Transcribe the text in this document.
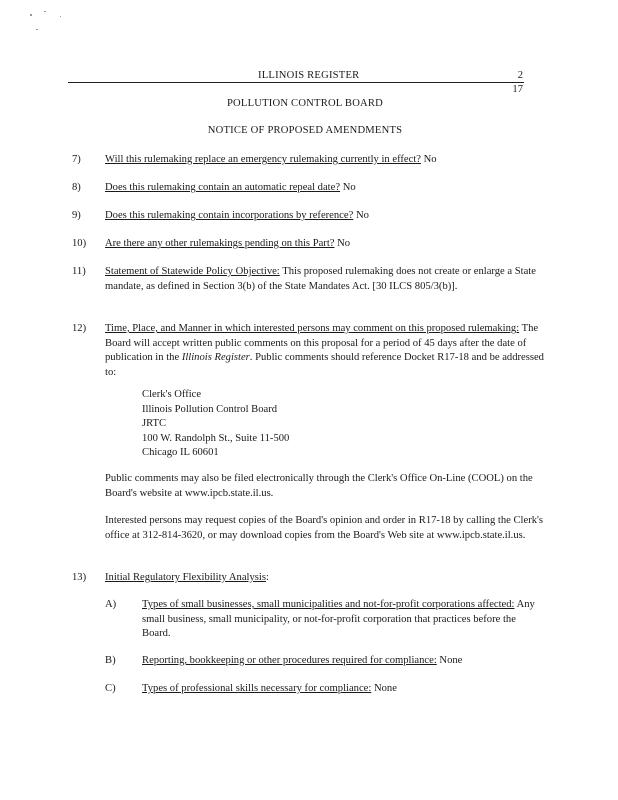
ILLINOIS REGISTER	2
17
POLLUTION CONTROL BOARD
NOTICE OF PROPOSED AMENDMENTS
7) Will this rulemaking replace an emergency rulemaking currently in effect? No
8) Does this rulemaking contain an automatic repeal date? No
9) Does this rulemaking contain incorporations by reference? No
10) Are there any other rulemakings pending on this Part? No
11) Statement of Statewide Policy Objective: This proposed rulemaking does not create or enlarge a State mandate, as defined in Section 3(b) of the State Mandates Act. [30 ILCS 805/3(b)].
12) Time, Place, and Manner in which interested persons may comment on this proposed rulemaking: The Board will accept written public comments on this proposal for a period of 45 days after the date of publication in the Illinois Register. Public comments should reference Docket R17-18 and be addressed to:
Clerk's Office
Illinois Pollution Control Board
JRTC
100 W. Randolph St., Suite 11-500
Chicago IL 60601
Public comments may also be filed electronically through the Clerk's Office On-Line (COOL) on the Board's website at www.ipcb.state.il.us.
Interested persons may request copies of the Board's opinion and order in R17-18 by calling the Clerk's office at 312-814-3620, or may download copies from the Board's Web site at www.ipcb.state.il.us.
13) Initial Regulatory Flexibility Analysis:
A) Types of small businesses, small municipalities and not-for-profit corporations affected: Any small business, small municipality, or not-for-profit corporation that practices before the Board.
B) Reporting, bookkeeping or other procedures required for compliance: None
C) Types of professional skills necessary for compliance: None
